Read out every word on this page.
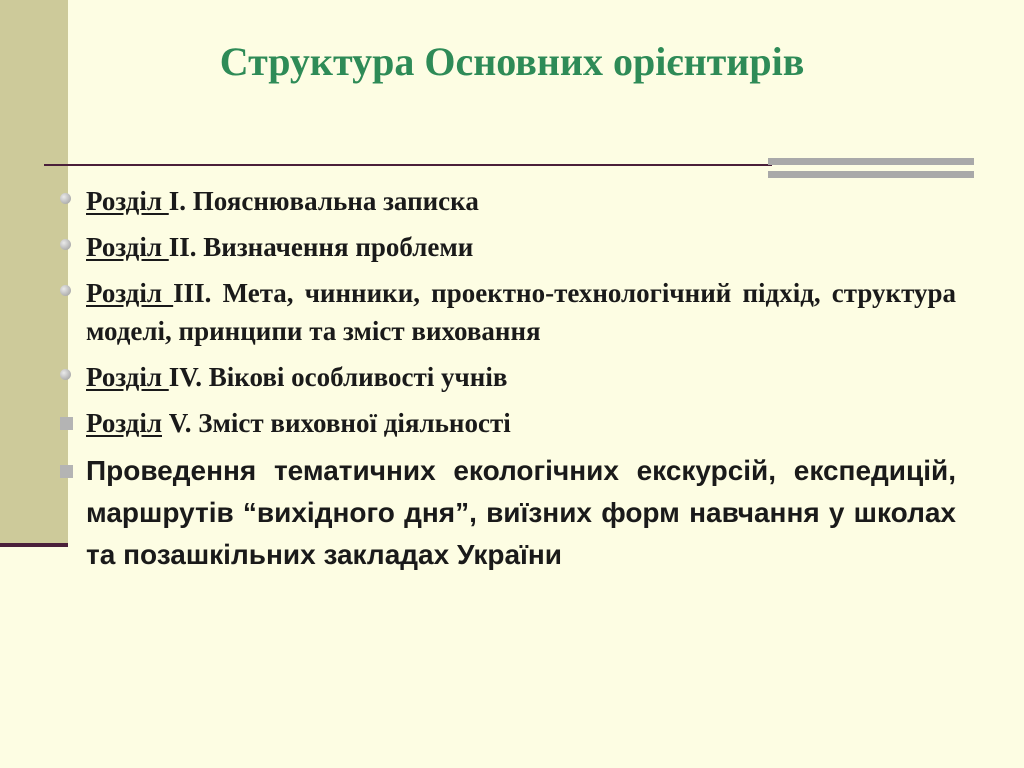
Структура Основних орієнтирів

Розділ І. Пояснювальна записка

Розділ ІІ. Визначення проблеми

Розділ ІІІ. Мета, чинники, проектно-технологічний підхід, структура моделі, принципи та зміст виховання

Розділ IV. Вікові особливості учнів

Розділ V. Зміст виховної діяльності

Проведення тематичних екологічних екскурсій, експедицій, маршрутів “вихідного дня”, виїзних форм навчання у школах та позашкільних закладах України
